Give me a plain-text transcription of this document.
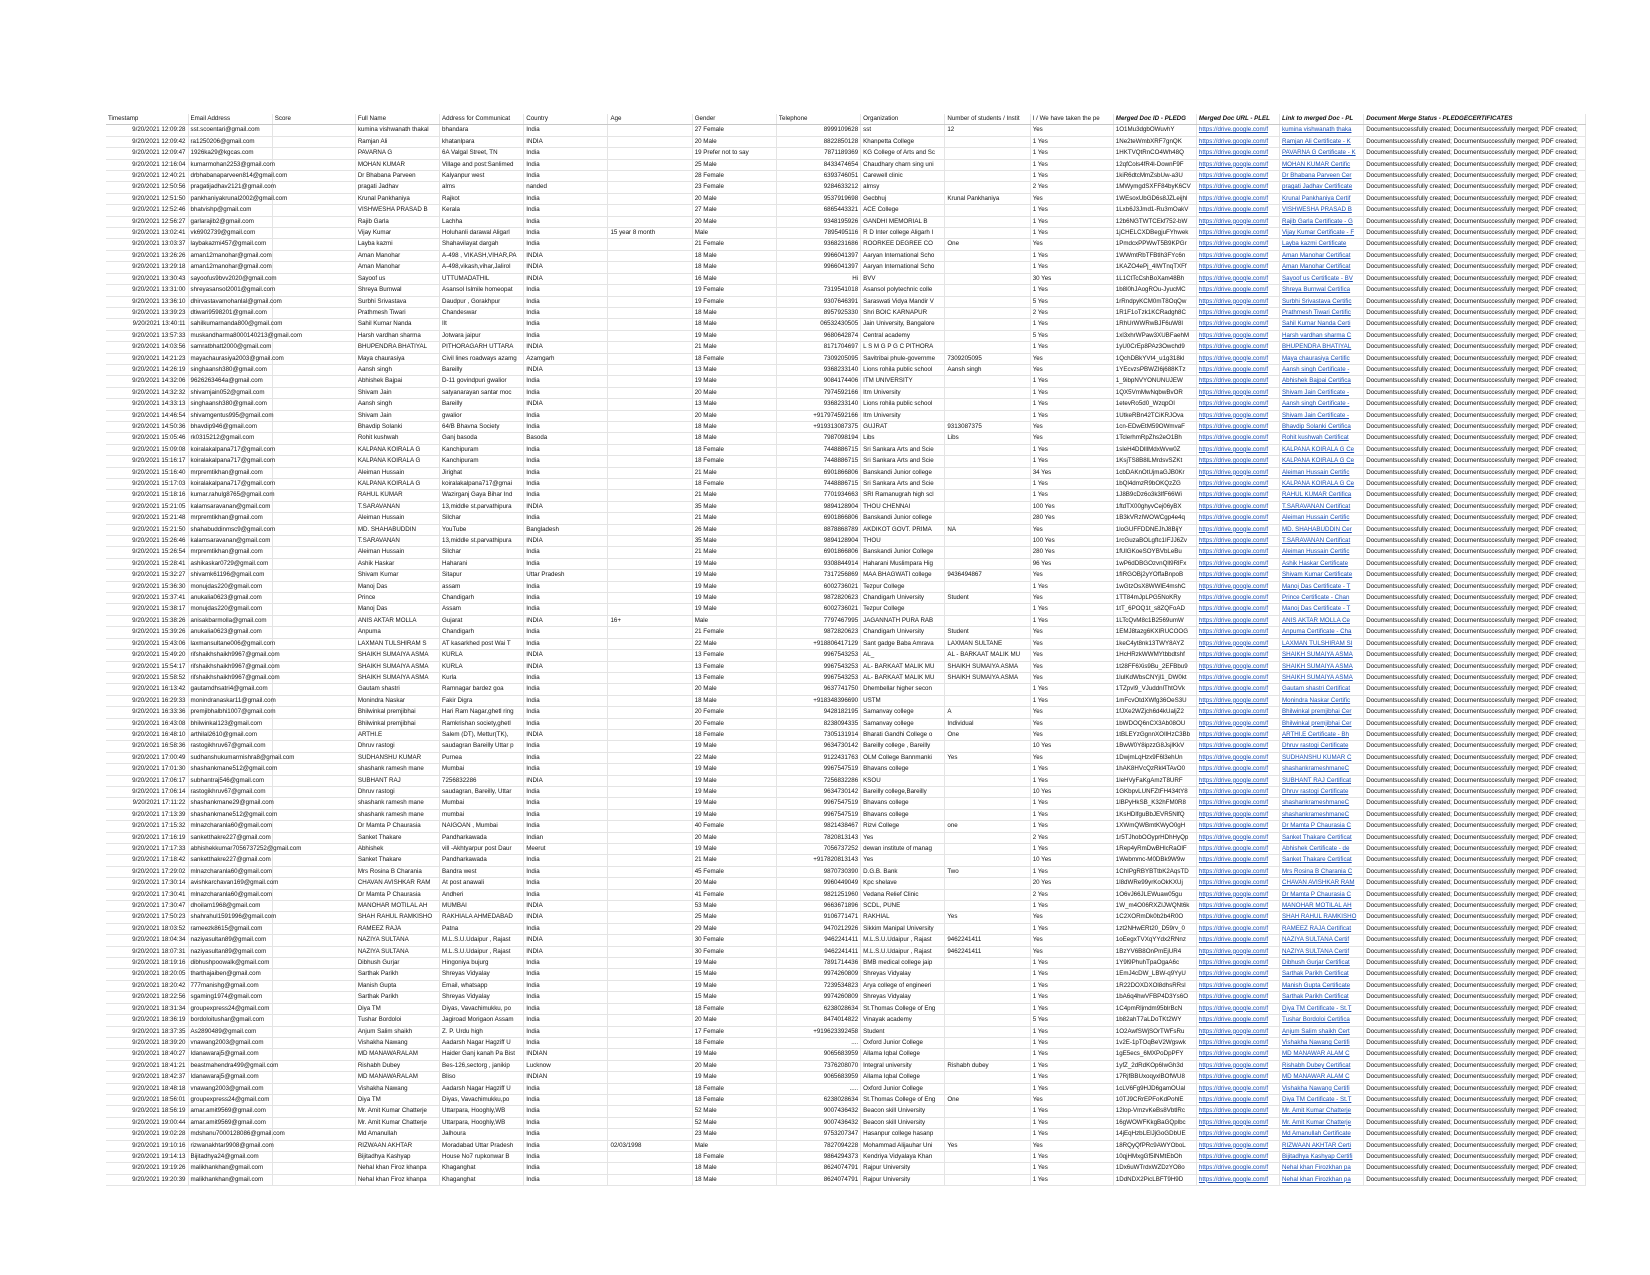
Timestamp	Email Address	Score	Full Name	Address for Communicat	Country	Age	Gender	Telephone	Organization	Number of students / Instit	I / We have taken the pe	Merged Doc ID - PLEDG	Merged Doc URL - PLEL	Link to merged Doc - PL	Document Merge Status - PLEDGECERTIFICATES
9/20/2021 12:09:28	sst.scoentari@gmail.com		kumina vishwanath thakal	bhandara	India		27 Female	8999109628	sst	12	Yes	1O1Mu3dgbOWuvhY	https://drive.google.com/f	kumina vishwanath thaka	Documentsuccessfully created; Documentsuccessfully merged; PDF created;
9/20/2021 12:09:42	ra1250206@gmail.com		Ramjan Ali	khatanlpara	INDIA		20 Male	8822850128	Khanpetta College		1 Yes	1Ne2teWmbXRF7gnQK	https://drive.google.com/f	Ramjan Ali Certificate - K	Documentsuccessfully created; Documentsuccessfully merged; PDF created;
9/20/2021 12:09:47	1926ka29@kgcas.com		PAVARNA G	6A Valgal Street, TN	India		19 Prefer not to say	7871189369	KG College of Arts and Sc		1 Yes	1HKTVQtRnCO4Wh48Q	https://drive.google.com/f	PAVARNA G Certificate - K	Documentsuccessfully created; Documentsuccessfully merged; PDF created;
9/20/2021 12:16:04	kumarmohan2253@gmail.com		MOHAN KUMAR	Village and post:Sanlimed	India		25 Male	8433474654	Chaudhary charn sing uni		1 Yes	12qfCols4fR4l-DownF9F	https://drive.google.com/f	MOHAN KUMAR Certific	Documentsuccessfully created; Documentsuccessfully merged; PDF created;
9/20/2021 12:40:21	drbhabanaparveen814@gmail.com		Dr Bhabana Parveen	Kalyanpur west	India		28 Female	6393746051	Carewell clinic		1 Yes	1kiR6dtcMmZsbUw-a3U	https://drive.google.com/f	Dr Bhabana Parveen Cer	Documentsuccessfully created; Documentsuccessfully merged; PDF created;
9/20/2021 12:50:56	pragatijadhav2121@gmail.com		pragati Jadhav	alms	nanded		23 Female	9284633212	almsy		2 Yes	1MWymgdSXFF84byK6CV	https://drive.google.com/f	pragati Jadhav Certificate	Documentsuccessfully created; Documentsuccessfully merged; PDF created;
9/20/2021 12:51:50	pankhaniyakrunal2002@gmail.com		Krunal Pankhaniya	Rajkot	India		20 Male	9537919698	Gecbhuj	Krunal Pankhaniya	Yes	1WEsoxUbGD6s8JZLeijhl	https://drive.google.com/f	Krunal Pankhaniya Certif	Documentsuccessfully created; Documentsuccessfully merged; PDF created;
9/20/2021 12:52:46	bhatvishp@gmail.com		VISHWESHA PRASAD B	Kerala	India		27 Male	6865443321	ACE College		1 Yes	1Lxb6J3Jmd1-Ru3mOakV	https://drive.google.com/f	VISHWESHA PRASAD B	Documentsuccessfully created; Documentsuccessfully merged; PDF created;
9/20/2021 12:56:27	garlarajib2@gmail.com		Rajib Garla	Lachha	India		20 Male	9348195926	GANDHI MEMORIAL B		1 Yes	12b6NGTWTCEkf752-bW	https://drive.google.com/f	Rajib Garla Certificate - G	Documentsuccessfully created; Documentsuccessfully merged; PDF created;
9/20/2021 13:02:41	vk6902739@gmail.com		Vijay Kumar	Holuhanli darawal Aligarl	India	15 year 8 month	Male	7895495116	R D Inter college Aligarh I		1 Yes	1jCHELCXDBegjuFYhwek	https://drive.google.com/f	Vijay Kumar Certificate - F	Documentsuccessfully created; Documentsuccessfully merged; PDF created;
9/20/2021 13:03:37	laybakazmi457@gmail.com		Layba kazmi	Shahavilayat dargah	India		21 Female	9368231686	ROORKEE DEGREE CO	One	Yes	1PmdcxPPWwT5B9KPGr	https://drive.google.com/f	Layba kazmi Certificate	Documentsuccessfully created; Documentsuccessfully merged; PDF created;
9/20/2021 13:26:26	aman12manohar@gmail.com		Aman Manohar	A-498 , VIKASH,VIHAR,PA	INDIA		18 Male	9966041397	Aaryan International Scho		1 Yes	1WWmtRbTFBtlh3FYc6n	https://drive.google.com/f	Aman Manohar Certificat	Documentsuccessfully created; Documentsuccessfully merged; PDF created;
9/20/2021 13:29:18	aman12manohar@gmail.com		Aman Manohar	A-498,vikash,vihar,Jalirol	INDIA		18 Male	9966041397	Aaryan International Scho		1 Yes	1KAZO4ePj_4lWTnqTXFf	https://drive.google.com/f	Aman Manohar Certificat	Documentsuccessfully created; Documentsuccessfully merged; PDF created;
9/20/2021 13:30:43	sayoofus9bvv2020@gmail.com		Sayoof us	UTTUMADATHIL	INDIA		16 Male	Hi	BVV		30 Yes	1L1CtTcCshBoXam48Bh	https://drive.google.com/f	Sayoof us Certificate - BV	Documentsuccessfully created; Documentsuccessfully merged; PDF created;
9/20/2021 13:31:00	shreyasansol2001@gmail.com		Shreya Burnwal	Asansol Islmile homeopat	India		19 Female	7319541018	Asansol polytechnic colle		1 Yes	1b8l0hJAogROu-JyucMC	https://drive.google.com/f	Shreya Burnwal Certifica	Documentsuccessfully created; Documentsuccessfully merged; PDF created;
9/20/2021 13:36:10	dhirvastavamohanlal@gmail.com		Surbhi Srivastava	Daudpur , Gorakhpur	India		19 Female	9307646391	Saraswati Vidya Mandir V		5 Yes	1rRndpyKCM0mT8OqQw	https://drive.google.com/f	Surbhi Srivastava Certific	Documentsuccessfully created; Documentsuccessfully merged; PDF created;
9/20/2021 13:39:23	dtiwari9598201@gmail.com		Prathmesh Tiwari	Chandeswar	India		18 Male	8957925330	Shri BOIC KARNAPUR		2 Yes	1R1F1oTzk1KCRadgh8C	https://drive.google.com/f	Prathmesh Tiwari Certific	Documentsuccessfully created; Documentsuccessfully merged; PDF created;
9/20/2021 13:40:11	sahilkumarnanda800@gmail.com		Sahil Kumar Nanda	Ilt	India		18 Male	06532430505	Jain University, Bangalore		1 Yes	1RhUrWWRwBJF6uW8l	https://drive.google.com/f	Sahil Kumar Nanda Certi	Documentsuccessfully created; Documentsuccessfully merged; PDF created;
9/20/2021 13:57:33	muskandharma8000140213@gmail.com		Harsh vardhan sharma	Jotwara jaipur	India		19 Male	9680642874	Central academy		5 Yes	1xl3xhrWPaw3XUBFaehM	https://drive.google.com/f	Harsh vardhan sharma C	Documentsuccessfully created; Documentsuccessfully merged; PDF created;
9/20/2021 14:03:56	samratbhatt2000@gmail.com		BHUPENDRA BHATIYAL	PITHORAGARH UTTARA	INDIA		21 Male	8171704697	L S M G P G C PITHORA		1 Yes	1yU0CrEp8PAz3Owchd9	https://drive.google.com/f	BHUPENDRA BHATIYAL	Documentsuccessfully created; Documentsuccessfully merged; PDF created;
9/20/2021 14:21:23	mayachaurasiya2003@gmail.com		Maya chaurasiya	Civil lines roadways azamg	Azamgarh		18 Female	7309205095	Savitribai phule-governme	7309205095	Yes	1QchDBkYVt4_u1g318kl	https://drive.google.com/f	Maya chaurasiya Certific	Documentsuccessfully created; Documentsuccessfully merged; PDF created;
9/20/2021 14:26:19	singhaansh380@gmail.com		Aansh singh	Bareilly	INDIA		13 Male	9368233140	Lions rohila public school	Aansh singh	Yes	1YEcvzsPBWZI6j688KTz	https://drive.google.com/f	Aansh singh Certificate -	Documentsuccessfully created; Documentsuccessfully merged; PDF created;
9/20/2021 14:32:06	9626263464a@gmail.com		Abhishek Bajpai	D-11 govindpuri gwalior	India		19 Male	9084174406	ITM UNIVERSITY		1 Yes	1_9ibpNVYONUNUJEW	https://drive.google.com/f	Abhishek Bajpai Certifica	Documentsuccessfully created; Documentsuccessfully merged; PDF created;
9/20/2021 14:32:32	shivamjain052@gmail.com		Shivam Jain	satyanarayan santar moc	India		20 Male	7974592166	Itm University		1 Yes	1QX5VmMwNqbwBvOR	https://drive.google.com/f	Shivam Jain Certificate -	Documentsuccessfully created; Documentsuccessfully merged; PDF created;
9/20/2021 14:33:13	singhaansh380@gmail.com		Aansh singh	Bareilly	INDIA		13 Male	9368233140	Lions rohila public school		1 Yes	1etevRo5d0_WzqpOI	https://drive.google.com/f	Aansh singh Certificate -	Documentsuccessfully created; Documentsuccessfully merged; PDF created;
9/20/2021 14:46:54	shivamgentus995@gmail.com		Shivam Jain	gwalior	India		20 Male	+917974592166	Itm University		1 Yes	1UtkeRBn42TCiKRJOva	https://drive.google.com/f	Shivam Jain Certificate -	Documentsuccessfully created; Documentsuccessfully merged; PDF created;
9/20/2021 14:50:36	bhavdip946@gmail.com		Bhavdip Solanki	64/B Bhavna Society	India		18 Male	+919313087375	GUJRAT	9313087375	Yes	1cn-EDwEtM59OWmvaF	https://drive.google.com/f	Bhavdip Solanki Certifica	Documentsuccessfully created; Documentsuccessfully merged; PDF created;
9/20/2021 15:05:46	rk0315212@gmail.com		Rohit kushwah	Ganj basoda	Basoda		18 Male	7987098194	Libs	Libs	Yes	1TclerhmRpZhs2eO1Bh	https://drive.google.com/f	Rohit kushwah Certificat	Documentsuccessfully created; Documentsuccessfully merged; PDF created;
9/20/2021 15:09:08	koiralakalpana717@gmail.com		KALPANA KOIRALA G	Kanchipuram	India		18 Female	7448886715	Sri Sankara Arts and Scie		1 Yes	1sleH4DDlllMdxWvw0Z	https://drive.google.com/f	KALPANA KOIRALA G Ce	Documentsuccessfully created; Documentsuccessfully merged; PDF created;
9/20/2021 15:16:17	koiralakalpana717@gmail.com		KALPANA KOIRALA G	Kanchipuram	India		18 Female	7448886715	Sri Sankara Arts and Scie		1 Yes	1KsjTS8B8lLMrdsvSZKt	https://drive.google.com/f	KALPANA KOIRALA G Ce	Documentsuccessfully created; Documentsuccessfully merged; PDF created;
9/20/2021 15:16:40	mrpremtikhan@gmail.com		Aleiman Hussain	Jirighat	India		21 Male	6901866806	Banskandi Junior college		34 Yes	1cbDAKnOtUjmaGJB0Kr	https://drive.google.com/f	Aleiman Hussain Certific	Documentsuccessfully created; Documentsuccessfully merged; PDF created;
9/20/2021 15:17:03	koiralakalpana717@gmail.com		KALPANA KOIRALA G	koiralakalpana717@gmai	India		18 Female	7448886715	Sri Sankara Arts and Scie		1 Yes	1bQl4dmzR9bOKQzZG	https://drive.google.com/f	KALPANA KOIRALA G Ce	Documentsuccessfully created; Documentsuccessfully merged; PDF created;
9/20/2021 15:18:16	kumar.rahulg8765@gmail.com		RAHUL KUMAR	Wazirganj Gaya Bihar Ind	India		21 Male	7701934663	SRI Ramanugrah high scl		1 Yes	1J8B9cDz6o3k3lfF66Wi	https://drive.google.com/f	RAHUL KUMAR Certifica	Documentsuccessfully created; Documentsuccessfully merged; PDF created;
9/20/2021 15:21:05	kalamsaravanan@gmail.com		T.SARAVANAN	13,middle st.parvathipura	INDIA		35 Male	9894128904	THOU CHENNAI		100 Yes	1ftdTX00ghyvCej06yBX	https://drive.google.com/f	T.SARAVANAN Certificat	Documentsuccessfully created; Documentsuccessfully merged; PDF created;
9/20/2021 15:21:48	mrpremtikhan@gmail.com		Aleiman Hussain	Silchar	India		21 Male	6901866806	Banskandi Junior college		280 Yes	1B3kVRzIWOWCgp4e4q	https://drive.google.com/f	Aleiman Hussain Certific	Documentsuccessfully created; Documentsuccessfully merged; PDF created;
9/20/2021 15:21:50	shahabuddinmsc9@gmail.com		MD. SHAHABUDDIN	YouTube	Bangladesh		26 Male	8878868789	AKDIKOT GOVT. PRIMA	NA	Yes	1loGUFFDDNEJhJ8BijY	https://drive.google.com/f	MD. SHAHABUDDIN Cer	Documentsuccessfully created; Documentsuccessfully merged; PDF created;
9/20/2021 15:26:46	kalamsaravanan@gmail.com		T.SARAVANAN	13,middle st.parvathipura	INDIA		35 Male	9894128904	THOU		100 Yes	1rcGuzaBOLgftc1IFJJ6Zv	https://drive.google.com/f	T.SARAVANAN Certificat	Documentsuccessfully created; Documentsuccessfully merged; PDF created;
9/20/2021 15:26:54	mrpremtikhan@gmail.com		Aleiman Hussain	Silchar	India		21 Male	6901866806	Banskandi Junior College		280 Yes	1fUlGKoeSOYBVbLeBu	https://drive.google.com/f	Aleiman Hussain Certific	Documentsuccessfully created; Documentsuccessfully merged; PDF created;
9/20/2021 15:28:41	ashikaskar0729@gmail.com		Ashik Haskar	Haharani	India		19 Male	9308844914	Haharani Muslimpara Hig		96 Yes	1wP6dDBGOzvnQll9RlFx	https://drive.google.com/f	Ashik Haskar Certificate	Documentsuccessfully created; Documentsuccessfully merged; PDF created;
9/20/2021 15:32:27	shivamk61196@gmail.com		Shivam Kumar	Sitapur	Uttar Pradesh		19 Male	7317256869	MAA BHAGWATI college	9436494867	Yes	1fIRGOBj2yYOffaBnpoB	https://drive.google.com/f	Shivam Kumar Certificate	Documentsuccessfully created; Documentsuccessfully merged; PDF created;
9/20/2021 15:36:30	monujdas220@gmail.com		Manoj Das	assam	India		19 Male	6002736021	Tezpur College		1 Yes	1wGtzOsX8WWlE4mshC	https://drive.google.com/f	Manoj Das Certificate - T	Documentsuccessfully created; Documentsuccessfully merged; PDF created;
9/20/2021 15:37:41	anukalia0623@gmail.com		Prince	Chandigarh	India		19 Male	9872820623	Chandigarh University	Student	Yes	1TT84mJpLPG5NoKRy	https://drive.google.com/f	Prince Certificate - Chan	Documentsuccessfully created; Documentsuccessfully merged; PDF created;
9/20/2021 15:38:17	monujdas220@gmail.com		Manoj Das	Assam	India		19 Male	6002736021	Tezpur College		1 Yes	1tT_6POQ1t_s8ZQFoAD	https://drive.google.com/f	Manoj Das Certificate - T	Documentsuccessfully created; Documentsuccessfully merged; PDF created;
9/20/2021 15:38:26	anisakbarmolla@gmail.com		ANIS AKTAR MOLLA	Gujarat	INDIA	16+	Male	7797467995	JAGANNATH PURA RAB		1 Yes	1LTcQvM8c1B2569umW	https://drive.google.com/f	ANIS AKTAR MOLLA Ce	Documentsuccessfully created; Documentsuccessfully merged; PDF created;
9/20/2021 15:39:26	anukalia0623@gmail.com		Anpuma	Chandigarh	India		21 Female	9872820623	Chandigarh University	Student	Yes	1EMJ8tazg6KXIRUCOOG	https://drive.google.com/f	Anpuma Certificate - Cha	Documentsuccessfully created; Documentsuccessfully merged; PDF created;
9/20/2021 15:43:06	laxmansultane006@gmail.com		LAXMAN TULSHIRAM S	AT kasarkhed post Wai T	India		22 Male	+918806417129	Sant gadge Baba Amrava	LAXMAN SULTANE	Yes	1keC4yt8nk13TWY8AYZ	https://drive.google.com/f	LAXMAN TULSHIRAM SI	Documentsuccessfully created; Documentsuccessfully merged; PDF created;
9/20/2021 15:49:20	rifshaikhshaikh9967@gmail.com		SHAIKH SUMAIYA ASMA	KURLA	INDIA		13 Female	9967543253	AL_	AL - BARKAAT MALIK MU	Yes	1HcHRzkWWMYtbbdtshf	https://drive.google.com/f	SHAIKH SUMAIYA ASMA	Documentsuccessfully created; Documentsuccessfully merged; PDF created;
9/20/2021 15:54:17	rifshaikhshaikh9967@gmail.com		SHAIKH SUMAIYA ASMA	KURLA	INDIA		13 Female	9967543253	AL- BARKAAT MALIK MU	SHAIKH SUMAIYA ASMA	Yes	1t28FF6Xis9Bu_2EFBbu9	https://drive.google.com/f	SHAIKH SUMAIYA ASMA	Documentsuccessfully created; Documentsuccessfully merged; PDF created;
9/20/2021 15:58:52	rifshaikhshaikh9967@gmail.com		SHAIKH SUMAIYA ASMA	Kurla	India		13 Female	9967543253	AL- BARKAAT MALIK MU	SHAIKH SUMAIYA ASMA	Yes	1lulKdWbsCNYjl1_DW0kt	https://drive.google.com/f	SHAIKH SUMAIYA ASMA	Documentsuccessfully created; Documentsuccessfully merged; PDF created;
9/20/2021 16:13:42	gautamdhsatri4@gmail.com		Gautam shastri	Ramnagar bardez goa	India		20 Male	9637741750	Dhembellar higher secon		1 Yes	1TZpvl9_VJuddnlThtOVk	https://drive.google.com/f	Gautam shastri Certificat	Documentsuccessfully created; Documentsuccessfully merged; PDF created;
9/20/2021 16:29:33	monindranaskar11@gmail.com		Monindra Naskar	Fakir Digra	India		18 Male	+918348396690	USTM		1 Yes	1mFcvOtdXWfg36OeS3U	https://drive.google.com/f	Monindra Naskar Certific	Documentsuccessfully created; Documentsuccessfully merged; PDF created;
9/20/2021 16:33:36	premjibhalbhi1007@gmail.com		Bhilwinkal premjibhai	Hari Ram Nagar,ghetl ring	India		20 Female	9428182195	Samanvay college	A	Yes	1fJXe2WZjch6d4kUaljZ2	https://drive.google.com/f	Bhilwinkal premjibhai Cer	Documentsuccessfully created; Documentsuccessfully merged; PDF created;
9/20/2021 16:43:08	bhilwinkal123@gmail.com		Bhilwinkal premjibhai	Ramkrishan society,ghetl	India		20 Female	8238094335	Samanvay college	Individual	Yes	1bWDOQ6nCX3Ab08OU	https://drive.google.com/f	Bhilwinkal premjibhai Cer	Documentsuccessfully created; Documentsuccessfully merged; PDF created;
9/20/2021 16:48:10	arthilal2610@gmail.com		ARTHI.E	Salem (DT), Mettur(TK),	INDIA		18 Female	7305131914	Bharati Gandhi College o	One	Yes	1tBLEYzGgnnXOIlHzC3Bb	https://drive.google.com/f	ARTHI.E Certificate - Bh	Documentsuccessfully created; Documentsuccessfully merged; PDF created;
9/20/2021 16:58:36	rastogikhruv67@gmail.com		Dhruv rastogi	saudagran Bareilly Uttar p	India		19 Male	9634730142	Bareilly college , Bareilly		10 Yes	1BwW0Y8ipzzG8JsjlKkV	https://drive.google.com/f	Dhruv rastogi Certificate	Documentsuccessfully created; Documentsuccessfully merged; PDF created;
9/20/2021 17:00:49	sudhanshukumarmishra8@gmail.com		SUDHANSHU KUMAR	Purnea	India		22 Male	9122431763	OLM College Bannmanki	Yes	Yes	1DwjmLqHzx9F6l3ehUn	https://drive.google.com/f	SUDHANSHU KUMAR C	Documentsuccessfully created; Documentsuccessfully merged; PDF created;
9/20/2021 17:01:30	shashankmane512@gmail.com		shashank ramesh mane	Mumbai	India		19 Male	9967547519	Bhavans college		1 Yes	1hAK8HVcQzRkl4TAvO0	https://drive.google.com/f	shashankrameshmaneC	Documentsuccessfully created; Documentsuccessfully merged; PDF created;
9/20/2021 17:06:17	subhantraj546@gmail.com		SUBHANT RAJ	7256832286	INDIA		19 Male	7256832286	KSOU		1 Yes	1leHVyFaKgAmzT8URF	https://drive.google.com/f	SUBHANT RAJ Certificat	Documentsuccessfully created; Documentsuccessfully merged; PDF created;
9/20/2021 17:06:14	rastogikhruv67@gmail.com		Dhruv rastogi	saudagran, Bareilly, Uttar	India		19 Male	9634730142	Bareilly college,Bareilly		10 Yes	1GKbpvLUNFZtFH434tY8	https://drive.google.com/f	Dhruv rastogi Certificate	Documentsuccessfully created; Documentsuccessfully merged; PDF created;
9/20/2021 17:11:22	shashankmane29@gmail.com		shashank ramesh mane	Mumbai	India		19 Male	9967547519	Bhavans college		1 Yes	1lBPyHkSB_K32hFM0R8	https://drive.google.com/f	shashankrameshmaneC	Documentsuccessfully created; Documentsuccessfully merged; PDF created;
9/20/2021 17:13:39	shashankmane512@gmail.com		shashank ramesh mane	mumbai	India		19 Male	9967547519	Bhavans college		1 Yes	1KsHDlfguBbJEVR5NlfQ	https://drive.google.com/f	shashankrameshmaneC	Documentsuccessfully created; Documentsuccessfully merged; PDF created;
9/20/2021 17:15:32	mlnazcharanla60@gmail.com		Dr Mamta P Chaurasia	NAIGOAN , Mumbai	India		40 Female	9821438467	Rizvi College	one	1 Yes	1XWmQWBmtKWyO0gH	https://drive.google.com/f	Dr Mamta P Chaurasia C	Documentsuccessfully created; Documentsuccessfully merged; PDF created;
9/20/2021 17:16:19	sanketthakre227@gmail.com		Sanket Thakare	Pandharkawada	Indian		20 Male	7820813143	Yes		2 Yes	1r5TJhobOOyprHDhHyQp	https://drive.google.com/f	Sanket Thakare Certificat	Documentsuccessfully created; Documentsuccessfully merged; PDF created;
9/20/2021 17:17:33	abhishekkumar7056737252@gmail.com		Abhishek	vill -Akhtyarpur post Daur	Meerut		19 Male	7056737252	dewan institute of manag		1 Yes	1Rep4yRmDwBHlcRaOlF	https://drive.google.com/f	Abhishek Certificate - de	Documentsuccessfully created; Documentsuccessfully merged; PDF created;
9/20/2021 17:18:42	sanketthakre227@gmail.com		Sanket Thakare	Pandharkawada	India		21 Male	+917820813143	Yes		10 Yes	1Webmmc-M0DBk9W9w	https://drive.google.com/f	Sanket Thakare Certificat	Documentsuccessfully created; Documentsuccessfully merged; PDF created;
9/20/2021 17:29:02	mlnazcharanla60@gmail.com		Mrs Rosina B Charania	Bandra west	India		45 Female	9870730390	D.G.B. Bank	Two	1 Yes	1ChIPgRBYBTtbK2AqsTD	https://drive.google.com/f	Mrs Rosina B Charania C	Documentsuccessfully created; Documentsuccessfully merged; PDF created;
9/20/2021 17:30:14	avishkarchavan169@gmail.com		CHAVAN AVISHKAR RAM	At post anawali	India		20 Male	9960449049	Kpc shelave		20 Yes	1l8dWRe99yrKoOkKXUj	https://drive.google.com/f	CHAVAN AVISHKAR RAM	Documentsuccessfully created; Documentsuccessfully merged; PDF created;
9/20/2021 17:30:41	mlnazcharanla60@gmail.com		Dr Mamta P Chaurasia	Andheri	India		41 Female	9821251960	Vedana Relief Clinic		2 Yes	1O6vJ66JLEWuaw05gu	https://drive.google.com/f	Dr Mamta P Chaurasia C	Documentsuccessfully created; Documentsuccessfully merged; PDF created;
9/20/2021 17:30:47	dhoilam1968@gmail.com		MANOHAR MOTILAL AH	MUMBAI	INDIA		53 Male	9663671896	SCDL, PUNE		1 Yes	1W_m4O06RXZIJWQNt6k	https://drive.google.com/f	MANOHAR MOTILAL AH	Documentsuccessfully created; Documentsuccessfully merged; PDF created;
9/20/2021 17:50:23	shahrahul1591996@gmail.com		SHAH RAHUL RAMKISHO	RAKHIALA AHMEDABAD	INDIA		25 Male	9106771471	RAKHIAL	Yes	Yes	1C2XORmDk0b2b4R0O	https://drive.google.com/f	SHAH RAHUL RAMKISHO	Documentsuccessfully created; Documentsuccessfully merged; PDF created;
9/20/2021 18:03:52	rameezk8615@gmail.com		RAMEEZ RAJA	Patna	India		29 Male	9470212926	Sikkim Manipal University		1 Yes	1zt2NHwERt20_D59rv_0	https://drive.google.com/f	RAMEEZ RAJA Certificat	Documentsuccessfully created; Documentsuccessfully merged; PDF created;
9/20/2021 18:04:34	naziyasultan89@gmail.com		NAZIYA SULTANA	M.L.S.U.Udaipur , Rajast	INDIA		30 Female	9462241411	M.L.S.U.Udaipur , Rajast	9462241411	Yes	1oEegxTVXqYYdx2RNnz	https://drive.google.com/f	NAZIYA SULTANA Certif	Documentsuccessfully created; Documentsuccessfully merged; PDF created;
9/20/2021 18:07:31	naziyasultan89@gmail.com		NAZIYA SULTANA	M.L.S.U.Udaipur , Rajast	INDIA		30 Female	9462241411	M.L.S.U.Udaipur , Rajast	9462241411	Yes	1BzYV6B8OnPmEjUR4	https://drive.google.com/f	NAZIYA SULTANA Certif	Documentsuccessfully created; Documentsuccessfully merged; PDF created;
9/20/2021 18:19:16	dibhushpoowalk@gmail.com		Dibhush Gurjar	Hingoniya bujurg	India		19 Male	7891714436	BMB medical college jaip		1 Yes	1Y9l9PhuhTpaOgaA6c	https://drive.google.com/f	Dibhush Gurjar Certificat	Documentsuccessfully created; Documentsuccessfully merged; PDF created;
9/20/2021 18:20:05	tharthajaiben@gmail.com		Sarthak Parikh	Shreyas Vidyalay	India		15 Male	9974260809	Shreyas Vidyalay		1 Yes	1EmJ4cDW_LBW-q9YyU	https://drive.google.com/f	Sarthak Parikh Certificat	Documentsuccessfully created; Documentsuccessfully merged; PDF created;
9/20/2021 18:20:42	777manishg@gmail.com		Manish Gupta	Email, whatsapp	India		19 Male	7239534823	Arya college of engineeri		1 Yes	1R22DOXDXOl8dhsRRsl	https://drive.google.com/f	Manish Gupta Certificate	Documentsuccessfully created; Documentsuccessfully merged; PDF created;
9/20/2021 18:22:56	sgaming1974@gmail.com		Sarthak Parikh	Shreyas Vidyalay	India		15 Male	9974260809	Shreyas Vidyalay		1 Yes	1bA6q4hwVFBP4D3Ys6O	https://drive.google.com/f	Sarthak Parikh Certificat	Documentsuccessfully created; Documentsuccessfully merged; PDF created;
9/20/2021 18:31:34	groupexpress24@gmail.com		Diya TM	Diyas, Vavachimukku, po	India		18 Female	6238028634	St.Thomas College of Eng		1 Yes	1C4pmRljmdm95blrBcN	https://drive.google.com/f	Diya TM Certificate - St.T	Documentsuccessfully created; Documentsuccessfully merged; PDF created;
9/20/2021 18:36:19	bordoloitushar@gmail.com		Tushar Bordoloi	Jagiroad Morigaon Assam	India		20 Male	8474014822	Vinayak academy		5 Yes	1b82ahT7aLDoTKt2WY	https://drive.google.com/f	Tushar Bordoloi Certifica	Documentsuccessfully created; Documentsuccessfully merged; PDF created;
9/20/2021 18:37:35	As2890489@gmail.com		Anjum Salim shaikh	Z. P. Urdu high	India		17 Female	+919623392458	Student		1 Yes	1O2AwfSWjSOrTWFsRu	https://drive.google.com/f	Anjum Salim shaikh Cert	Documentsuccessfully created; Documentsuccessfully merged; PDF created;
9/20/2021 18:39:20	vnawang2003@gmail.com		Vishakha Nawang	Aadarsh Nagar Hagziff U	India		18 Female	....	Oxford Junior College		1 Yes	1v2E-1pTOqBeV2Wgswk	https://drive.google.com/f	Vishakha Nawang Certifi	Documentsuccessfully created; Documentsuccessfully merged; PDF created;
9/20/2021 18:40:27	Idanawaraj5@gmail.com		MD MANAWARALAM	Haider Ganj kanah Pa Bist	INDIAN		19 Male	9065683959	Allama Iqbal College		1 Yes	1gE5ecs_6MXPoDpPFY	https://drive.google.com/f	MD MANAWAR ALAM C	Documentsuccessfully created; Documentsuccessfully merged; PDF created;
9/20/2021 18:41:21	beastmahendra499@gmail.com		Rishabh Dubey	Bes-126,sectorg , janikip	Lucknow		20 Male	7376208070	Integral university	Rishabh dubey	1 Yes	1yfZ_2dRdKOp6IwGh3d	https://drive.google.com/f	Rishabh Dubey Certificat	Documentsuccessfully created; Documentsuccessfully merged; PDF created;
9/20/2021 18:42:37	Idanawaraj5@gmail.com		MD MANAWARALAM	Bliso	INDIAN		19 Male	9065683959	Allama Iqbal College		1 Yes	17RjfBBUxoqyxlBOfWU8	https://drive.google.com/f	MD MANAWAR ALAM C	Documentsuccessfully created; Documentsuccessfully merged; PDF created;
9/20/2021 18:48:18	vnawang2003@gmail.com		Vishakha Nawang	Aadarsh Nagar Hagziff U	India		18 Female	.....	Oxford Junior College		1 Yes	1cLV6Fg9HJD6gamOUal	https://drive.google.com/f	Vishakha Nawang Certifi	Documentsuccessfully created; Documentsuccessfully merged; PDF created;
9/20/2021 18:56:01	groupexpress24@gmail.com		Diya TM	Diyas, Vavachimukku,po	India		18 Female	6238028634	St.Thomas College of Eng	One	Yes	10TJ9CRrEPFoKdPohlE	https://drive.google.com/f	Diya TM Certificate - St.T	Documentsuccessfully created; Documentsuccessfully merged; PDF created;
9/20/2021 18:56:19	amar.amit9569@gmail.com		Mr. Amit Kumar Chatterje	Uttarpara, Hooghly,WB	India		52 Male	9007436432	Beacon skill University		1 Yes	12lop-VmzvKeBs8VbtlRc	https://drive.google.com/f	Mr. Amit Kumar Chatterje	Documentsuccessfully created; Documentsuccessfully merged; PDF created;
9/20/2021 19:00:44	amar.amit9569@gmail.com		Mr. Amit Kumar Chatterje	Uttarpara, Hooghly,WB	India		52 Male	9007436432	Beacon skill University		1 Yes	16gWOWFKkgBaGQplbc	https://drive.google.com/f	Mr. Amit Kumar Chatterje	Documentsuccessfully created; Documentsuccessfully merged; PDF created;
9/20/2021 19:02:28	mdshanu7000128086@gmail.com		Md Amanullah	Jalhoura	India		23 Male	9753207347	Hasanpur college hasanp		1 Yes	14jEqHzbLElJjGoGDbUE	https://drive.google.com/f	Md Amanullah Certificate	Documentsuccessfully created; Documentsuccessfully merged; PDF created;
9/20/2021 19:10:16	rizwanakhtar9908@gmail.com		RIZWAAN AKHTAR	Moradabad Uttar Pradesh	India	02/03/1998	Male	7827094228	Mohammad Alijauhar Uni	Yes	Yes	18RQyQfPRc9AWYOboL	https://drive.google.com/f	RIZWAAN AKHTAR Certi	Documentsuccessfully created; Documentsuccessfully merged; PDF created;
9/20/2021 19:14:13	Bijitadhya24@gmail.com		Bijitadhya Kashyap	House No7 rupkonwar B	India		18 Female	9864294373	Kendriya Vidyalaya Khan		1 Yes	10qjHMxgGf5lNMtEbOh	https://drive.google.com/f	Bijitadhya Kashyap Certifi	Documentsuccessfully created; Documentsuccessfully merged; PDF created;
9/20/2021 19:19:26	malikhankhan@gmail.com		Nehal khan Firoz khanpa	Khaganghat	India		18 Male	8624074791	Rajpur University		1 Yes	1Dx6uWTrdxWZDzYO8o	https://drive.google.com/f	Nehal khan Firozkhan pa	Documentsuccessfully created; Documentsuccessfully merged; PDF created;
9/20/2021 19:20:39	malikhankhan@gmail.com		Nehal khan Firoz khanpa	Khaganghat	India		18 Male	8624074791	Rajpur University		1 Yes	1DdNDX2PicLBFT9H9D	https://drive.google.com/f	Nehal khan Firozkhan pa	Documentsuccessfully created; Documentsuccessfully merged; PDF created;
